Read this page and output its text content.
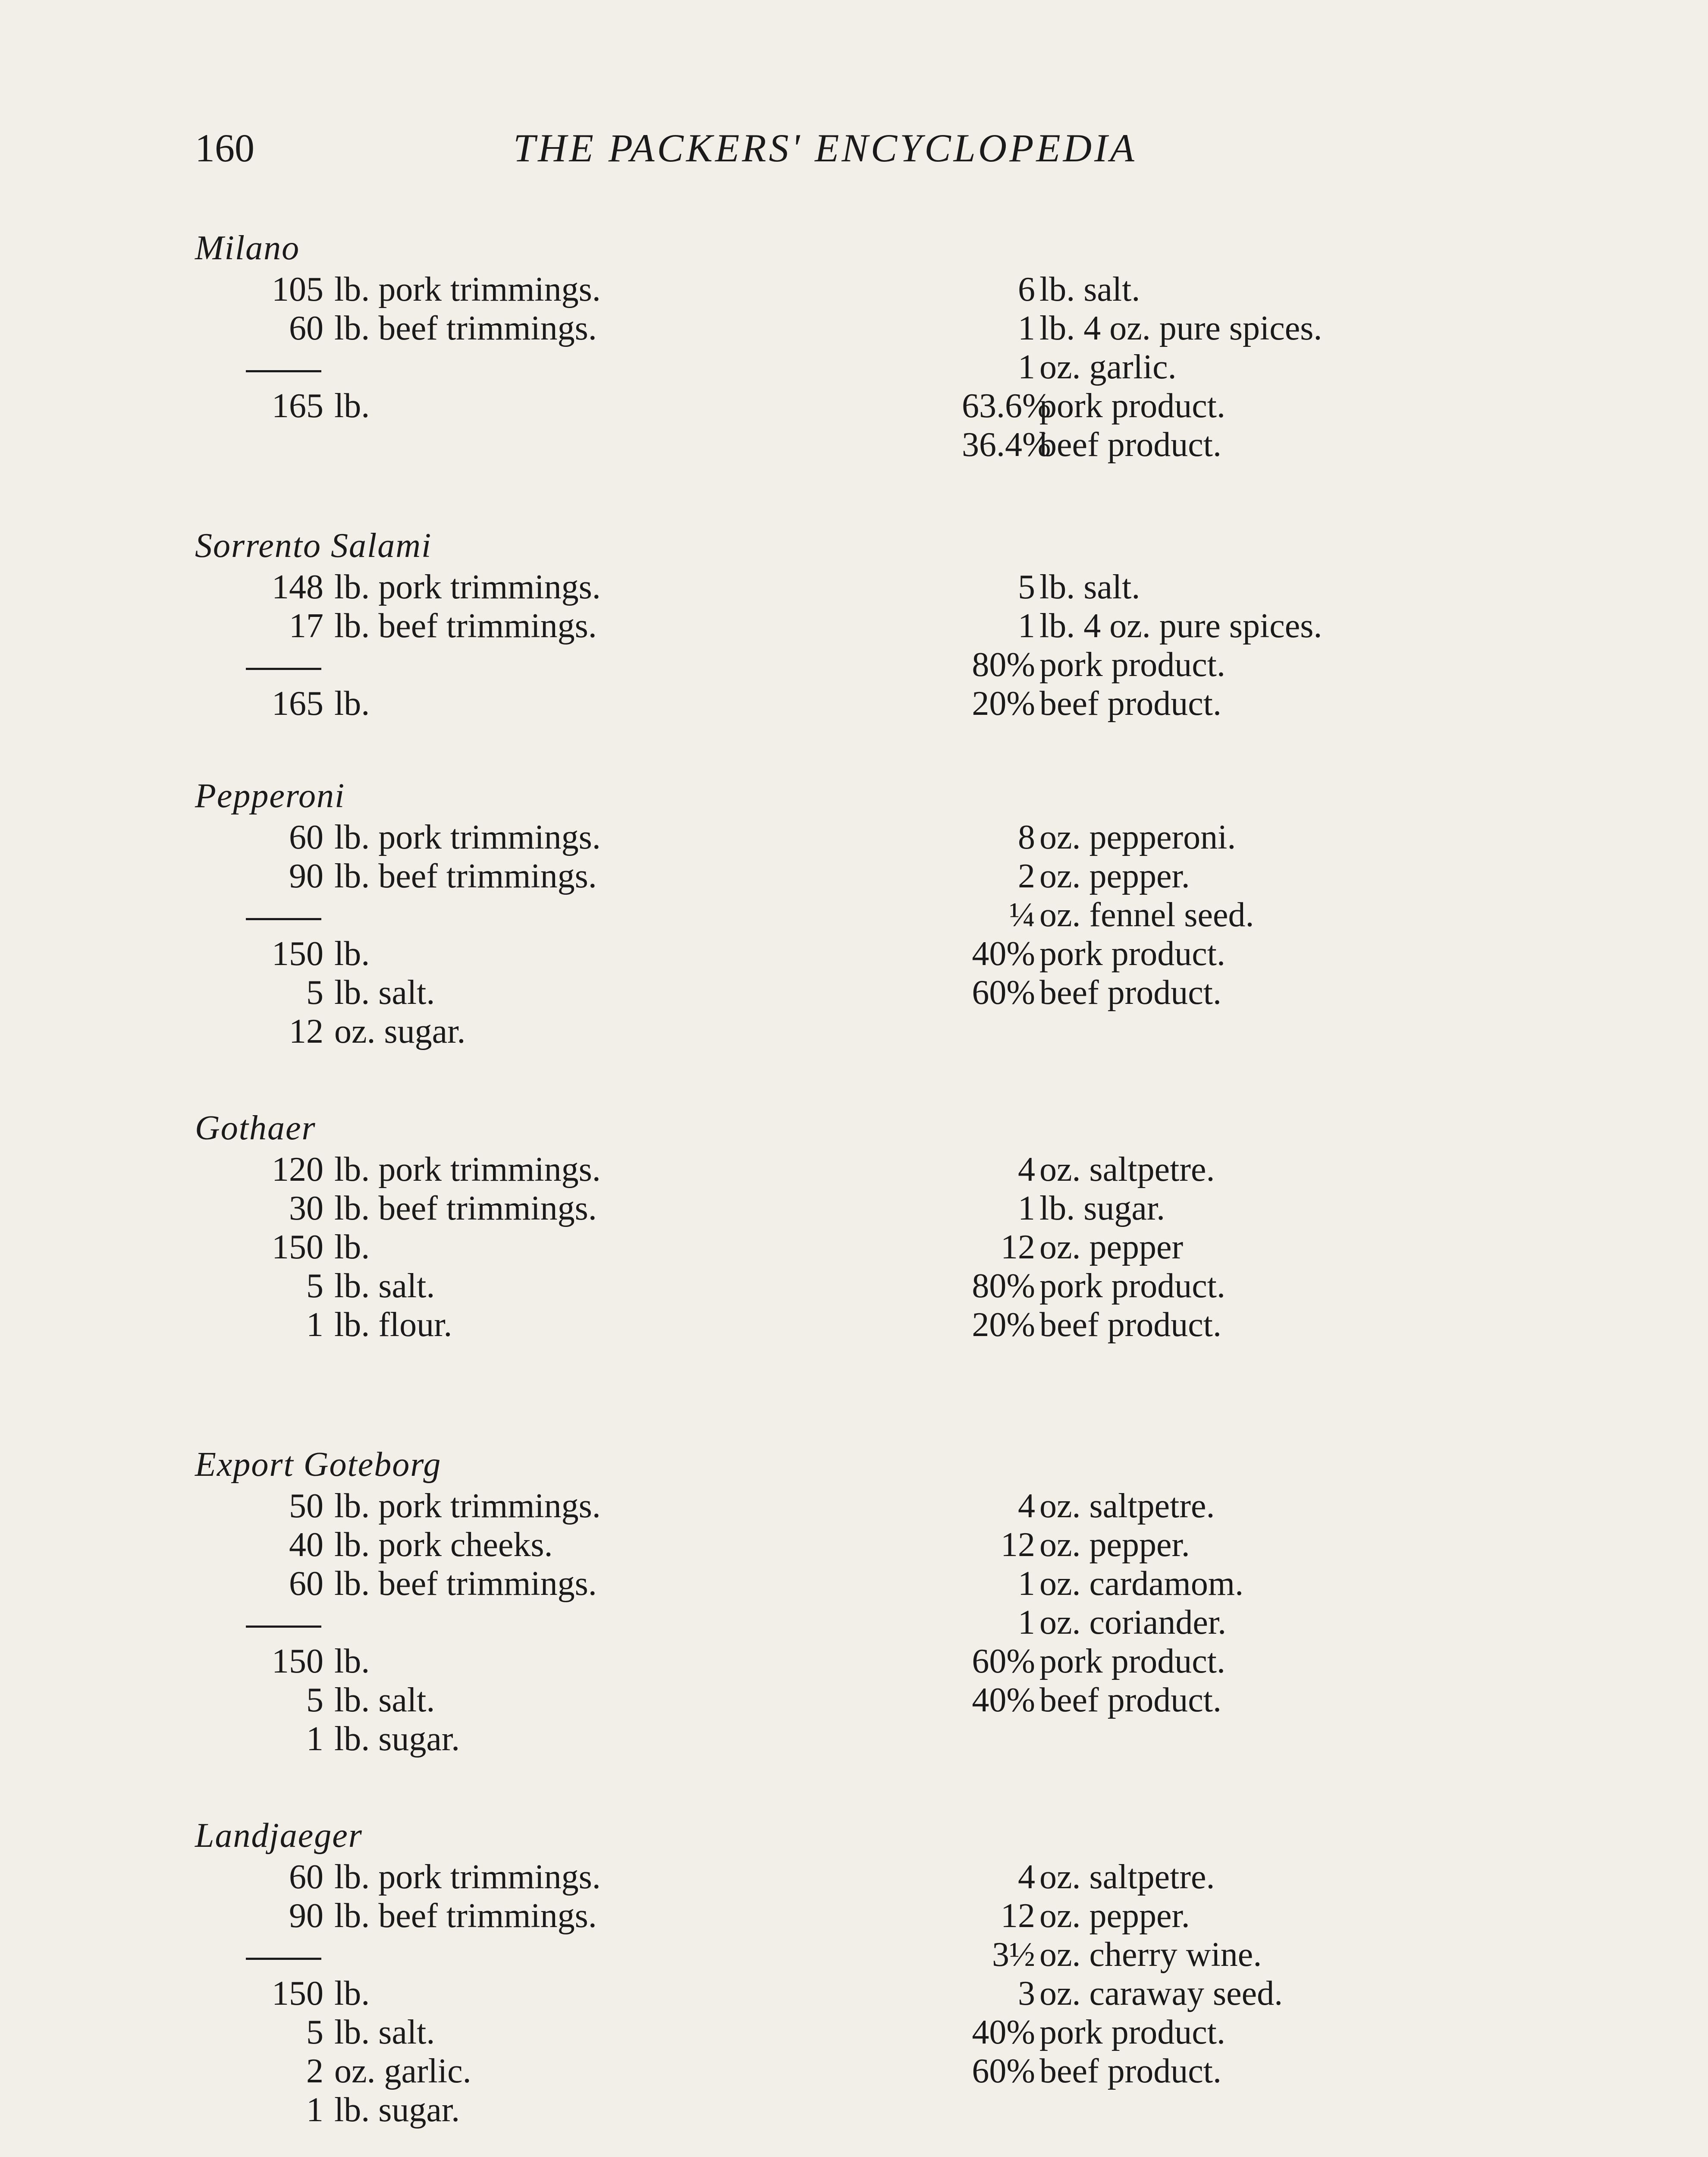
160	THE PACKERS' ENCYCLOPEDIA
Milano
105 lb. pork trimmings.
60 lb. beef trimmings.
165 lb.
6 lb. salt.
1 lb. 4 oz. pure spices.
1 oz. garlic.
63.6%
pork product.
36.4%
beef product.
Sorrento Salami
148 lb. pork trimmings.
17 lb. beef trimmings.
165 lb.
5 lb. salt.
1 lb. 4 oz. pure spices.
80% pork product.
20% beef product.
Pepperoni
60 lb. pork trimmings.
90 lb. beef trimmings.
150 lb.
5 lb. salt.
12 oz. sugar.
8 oz. pepperoni.
2 oz. pepper.
¼ oz. fennel seed.
40% pork product.
60% beef product.
Gothaer
120 lb. pork trimmings.
30 lb. beef trimmings.
150 lb.
5 lb. salt.
1 lb. flour.
4 oz. saltpetre.
1 lb. sugar.
12 oz. pepper
80% pork product.
20% beef product.
Export Goteborg
50 lb. pork trimmings.
40 lb. pork cheeks.
60 lb. beef trimmings.
150 lb.
5 lb. salt.
1 lb. sugar.
4 oz. saltpetre.
12 oz. pepper.
1 oz. cardamom.
1 oz. coriander.
60% pork product.
40% beef product.
Landjaeger
60 lb. pork trimmings.
90 lb. beef trimmings.
150 lb.
5 lb. salt.
2 oz. garlic.
1 lb. sugar.
4 oz. saltpetre.
12 oz. pepper.
3½ oz. cherry wine.
3 oz. caraway seed.
40% pork product.
60% beef product.
